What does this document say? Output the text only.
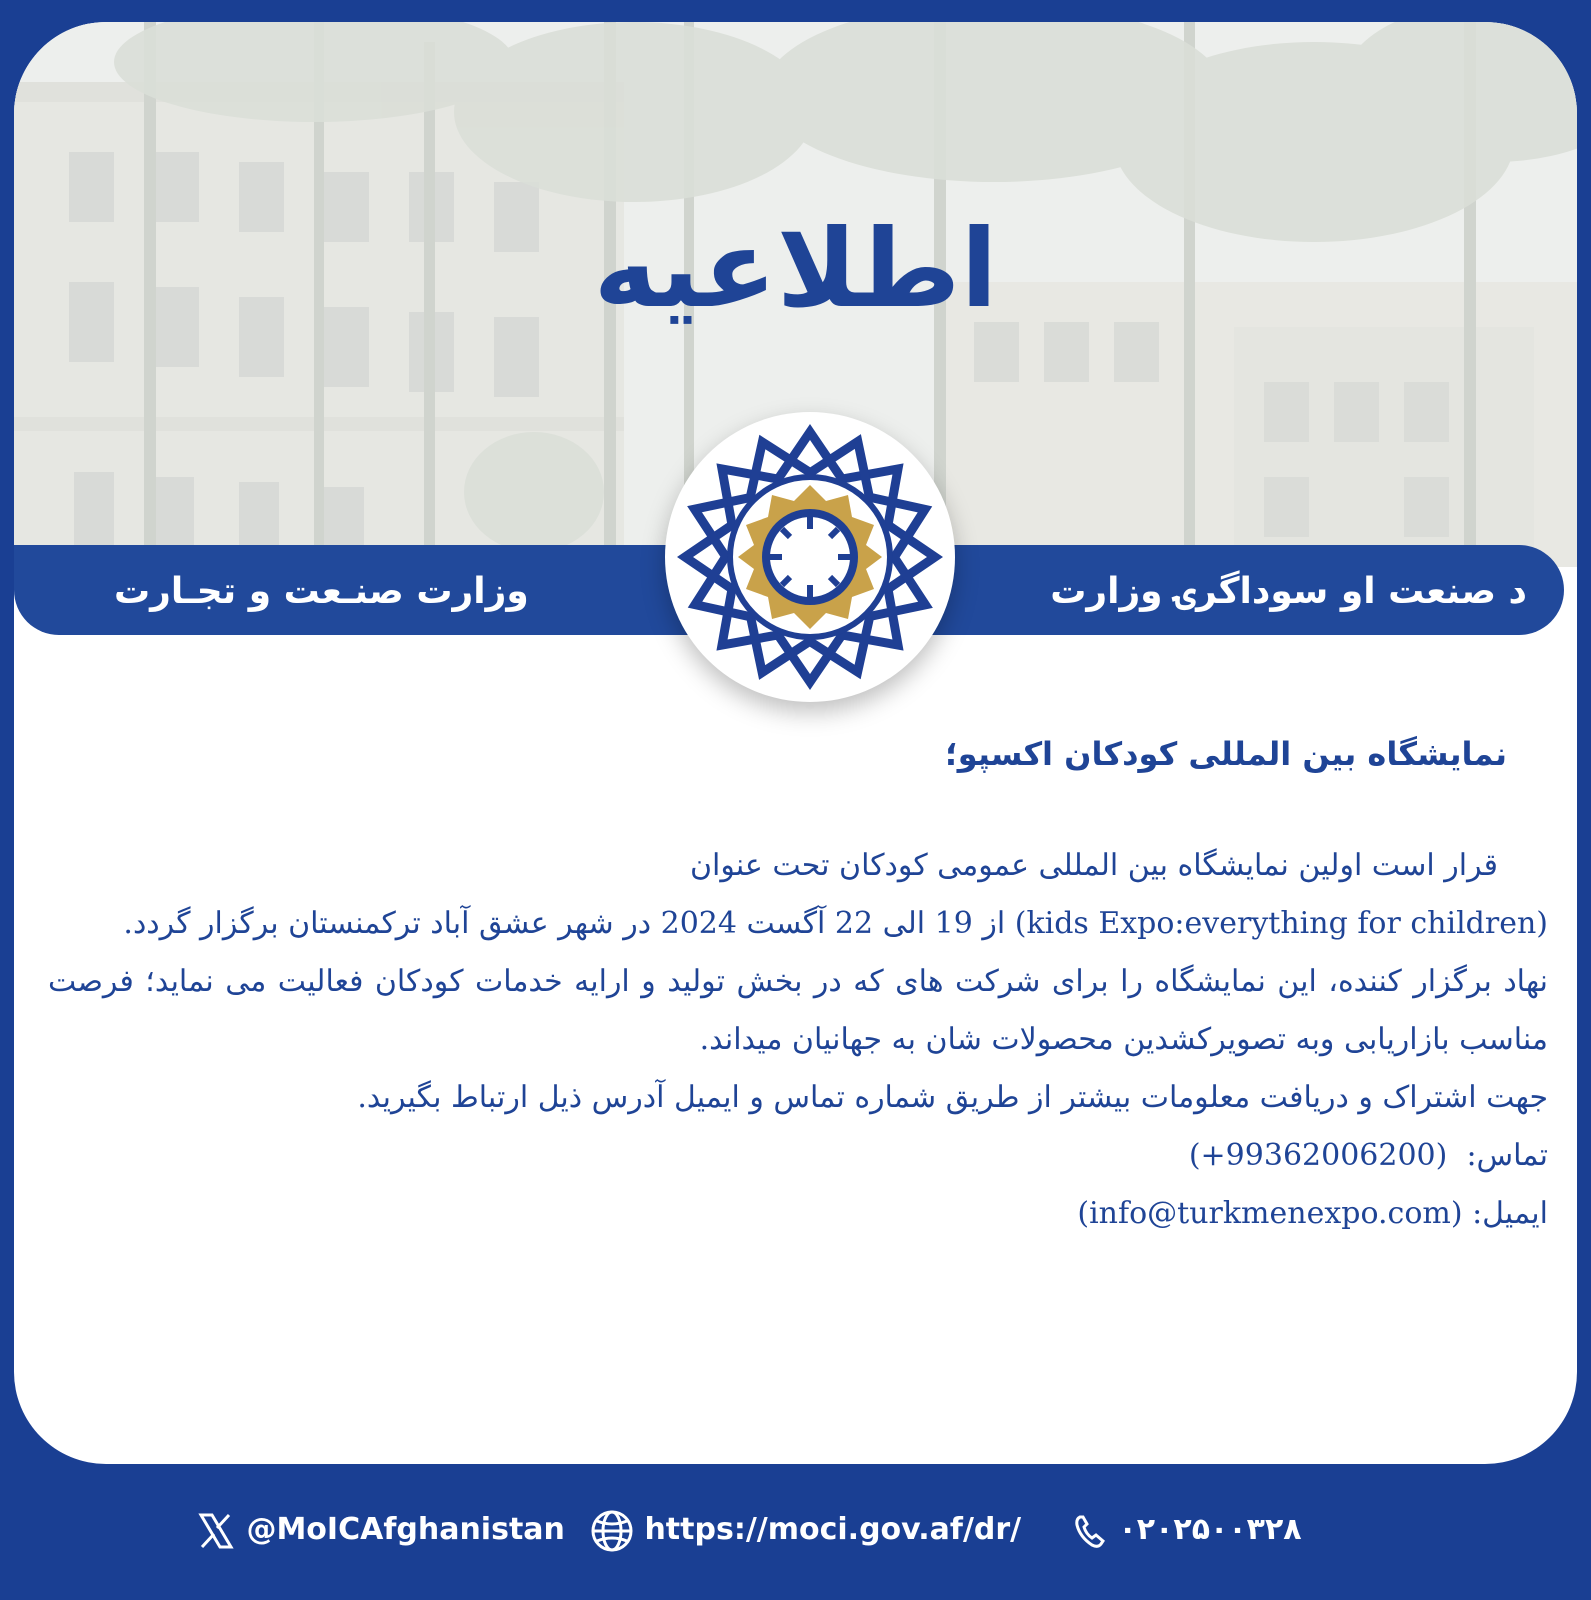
اطلاعیه
وزارت صنـعت و تجـارت	د صنعت او سوداگرۍ وزارت
نمایشگاه بین المللی کودکان اکسپو؛

قرار است اولین نمایشگاه بین المللی عمومی کودکان تحت عنوان

(kids Expo:everything for children) از 19 الی 22 آگست 2024 در شهر عشق آباد ترکمنستان برگزار گردد.

نهاد برگزار کننده، این نمایشگاه را برای شرکت های که در بخش تولید و ارایه خدمات کودکان فعالیت می نماید؛ فرصت مناسب بازاریابی وبه تصویرکشدین محصولات شان به جهانیان میداند.

جهت اشتراک و دریافت معلومات بیشتر از طریق شماره تماس و ایمیل آدرس ذیل ارتباط بگیرید.

تماس:  (+99362006200)

ایمیل: (info@turkmenexpo.com)

@MoICAfghanistan	https://moci.gov.af/dr/	۰۲۰۲۵۰۰۳۲۸
